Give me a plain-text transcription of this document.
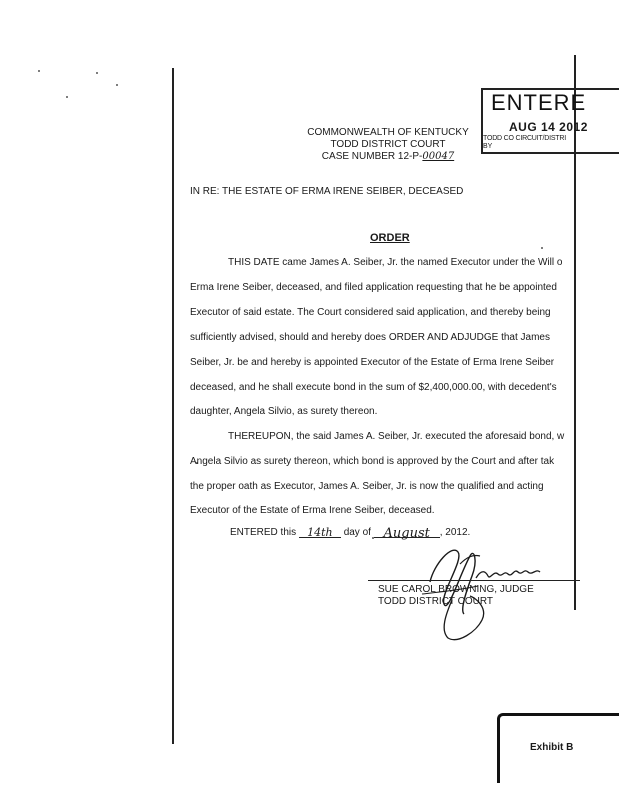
ENTERE
AUG 14 2012
TODD CO CIRCUIT/DISTRI
BY
COMMONWEALTH OF KENTUCKY
TODD DISTRICT COURT
CASE NUMBER 12-P-00047
IN RE: THE ESTATE OF ERMA IRENE SEIBER, DECEASED
ORDER
THIS DATE came James A. Seiber, Jr. the named Executor under the Will o
Erma Irene Seiber, deceased, and filed application requesting that he be appointed
Executor of said estate. The Court considered said application, and thereby being
sufficiently advised, should and hereby does ORDER AND ADJUDGE that James
Seiber, Jr. be and hereby is appointed Executor of the Estate of Erma Irene Seiber
deceased, and he shall execute bond in the sum of $2,400,000.00, with decedent's
daughter, Angela Silvio, as surety thereon.
THEREUPON, the said James A. Seiber, Jr. executed the aforesaid bond, w
Angela Silvio as surety thereon, which bond is approved by the Court and after tak
the proper oath as Executor, James A. Seiber, Jr. is now the qualified and acting
Executor of the Estate of Erma Irene Seiber, deceased.
ENTERED this 14th day of August , 2012.
SUE CAROL BROWNING, JUDGE
TODD DISTRICT COURT
Exhibit B
